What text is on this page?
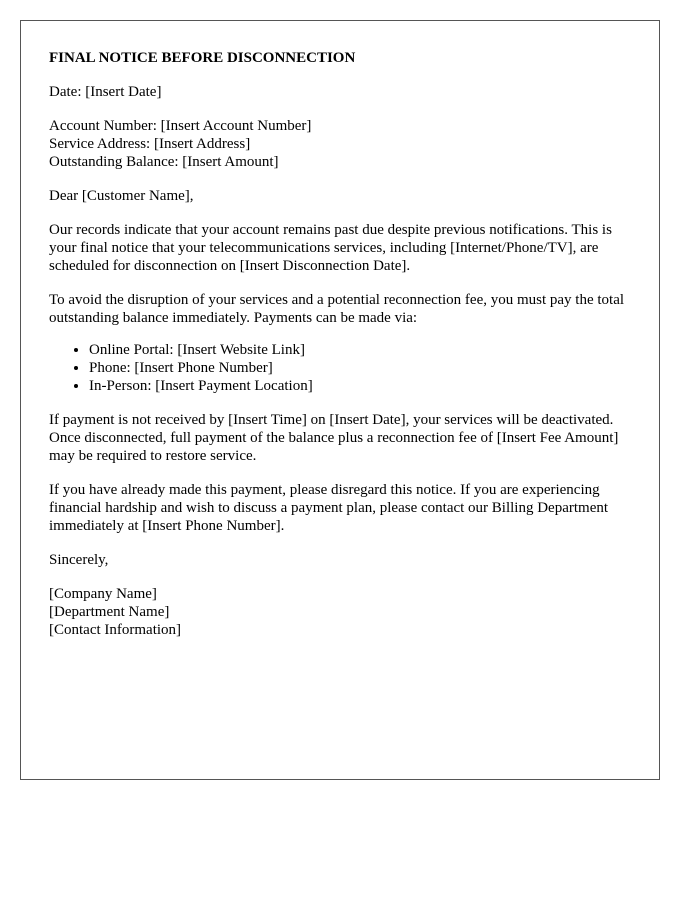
FINAL NOTICE BEFORE DISCONNECTION

Date: [Insert Date]

Account Number: [Insert Account Number]
Service Address: [Insert Address]
Outstanding Balance: [Insert Amount]

Dear [Customer Name],

Our records indicate that your account remains past due despite previous notifications. This is your final notice that your telecommunications services, including [Internet/Phone/TV], are scheduled for disconnection on [Insert Disconnection Date].

To avoid the disruption of your services and a potential reconnection fee, you must pay the total outstanding balance immediately. Payments can be made via:

• Online Portal: [Insert Website Link]
• Phone: [Insert Phone Number]
• In-Person: [Insert Payment Location]

If payment is not received by [Insert Time] on [Insert Date], your services will be deactivated. Once disconnected, full payment of the balance plus a reconnection fee of [Insert Fee Amount] may be required to restore service.

If you have already made this payment, please disregard this notice. If you are experiencing financial hardship and wish to discuss a payment plan, please contact our Billing Department immediately at [Insert Phone Number].

Sincerely,

[Company Name]
[Department Name]
[Contact Information]
